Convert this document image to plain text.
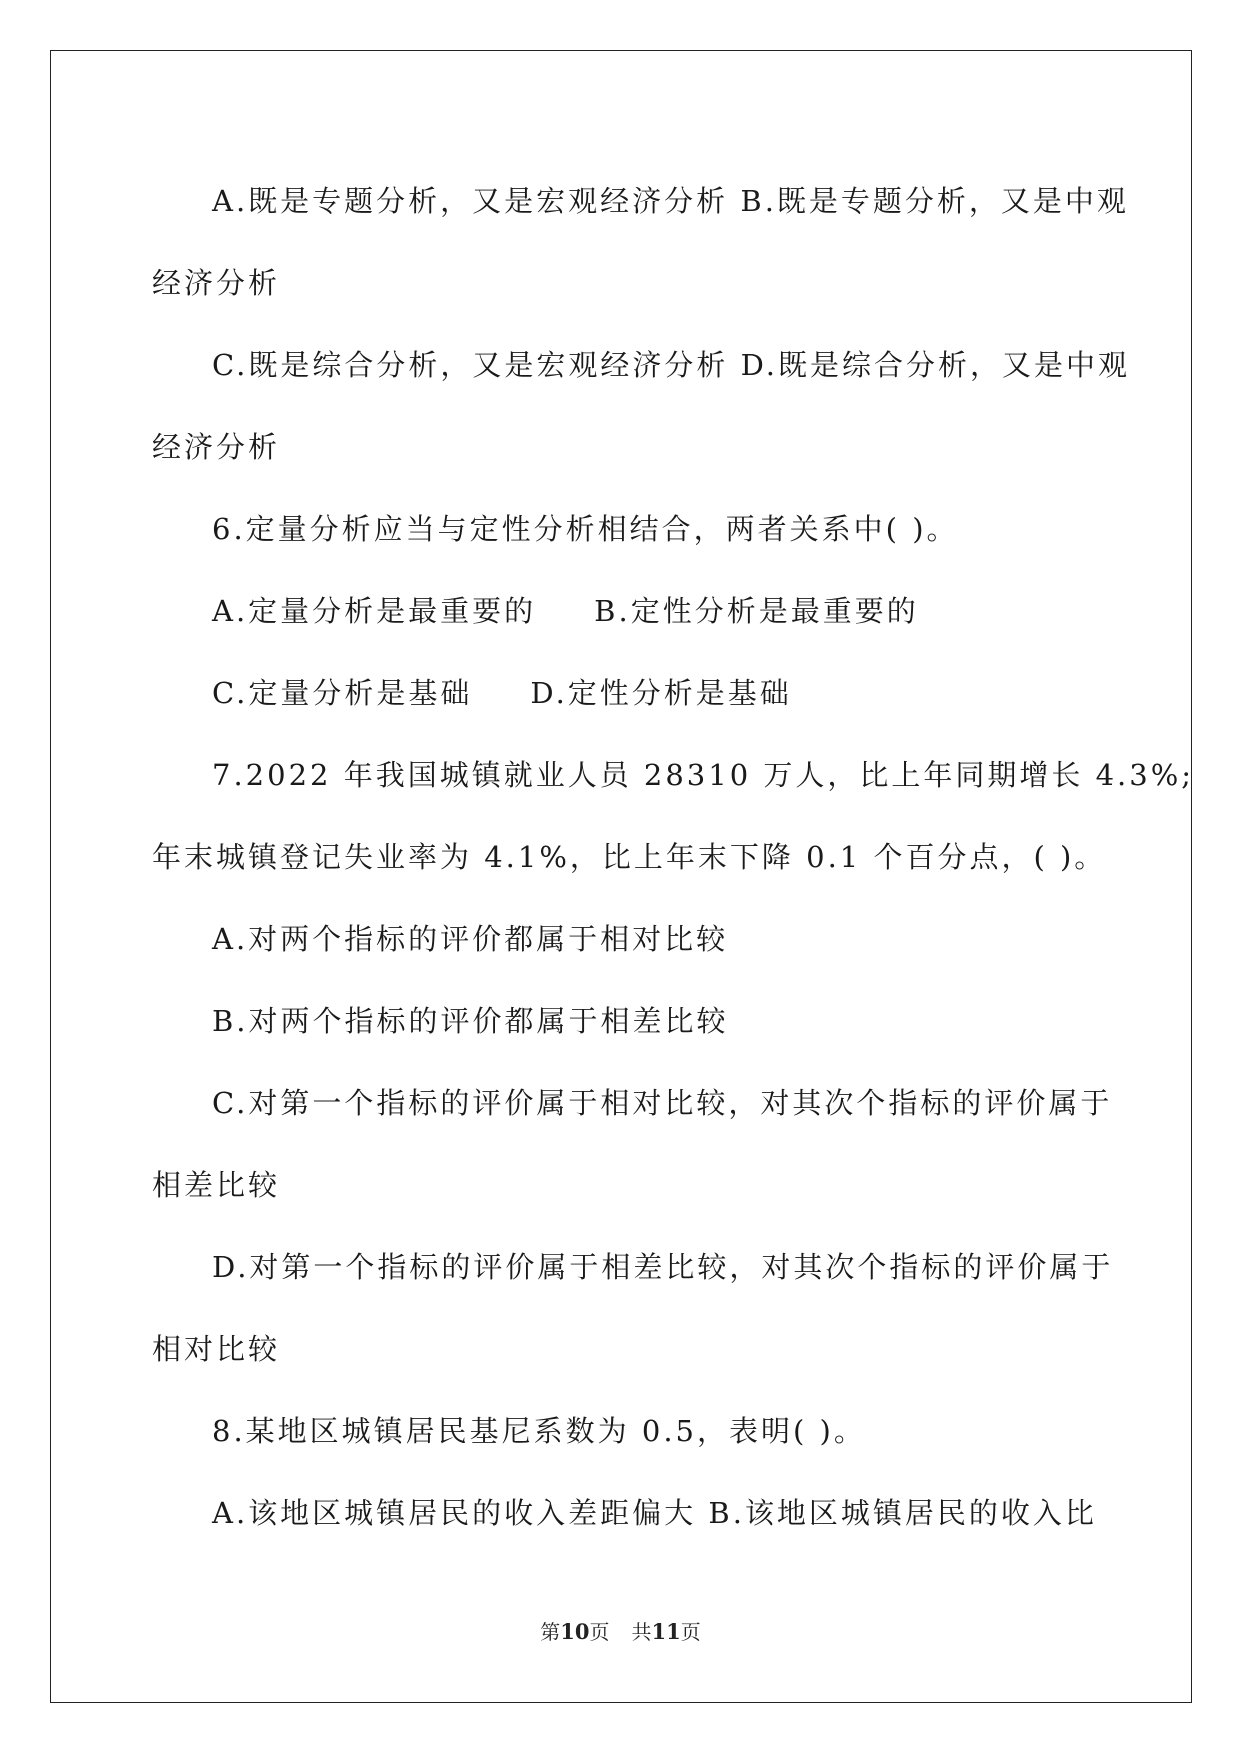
A.既是专题分析，又是宏观经济分析 B.既是专题分析，又是中观
经济分析
C.既是综合分析，又是宏观经济分析 D.既是综合分析，又是中观
经济分析
6.定量分析应当与定性分析相结合，两者关系中( )。
A.定量分析是最重要的 B.定性分析是最重要的
C.定量分析是基础 D.定性分析是基础
7.2022 年我国城镇就业人员 28310 万人，比上年同期增长 4.3%;
年末城镇登记失业率为 4.1%，比上年末下降 0.1 个百分点，( )。
A.对两个指标的评价都属于相对比较
B.对两个指标的评价都属于相差比较
C.对第一个指标的评价属于相对比较，对其次个指标的评价属于
相差比较
D.对第一个指标的评价属于相差比较，对其次个指标的评价属于
相对比较
8.某地区城镇居民基尼系数为 0.5，表明( )。
A.该地区城镇居民的收入差距偏大 B.该地区城镇居民的收入比
第10页 共11页
